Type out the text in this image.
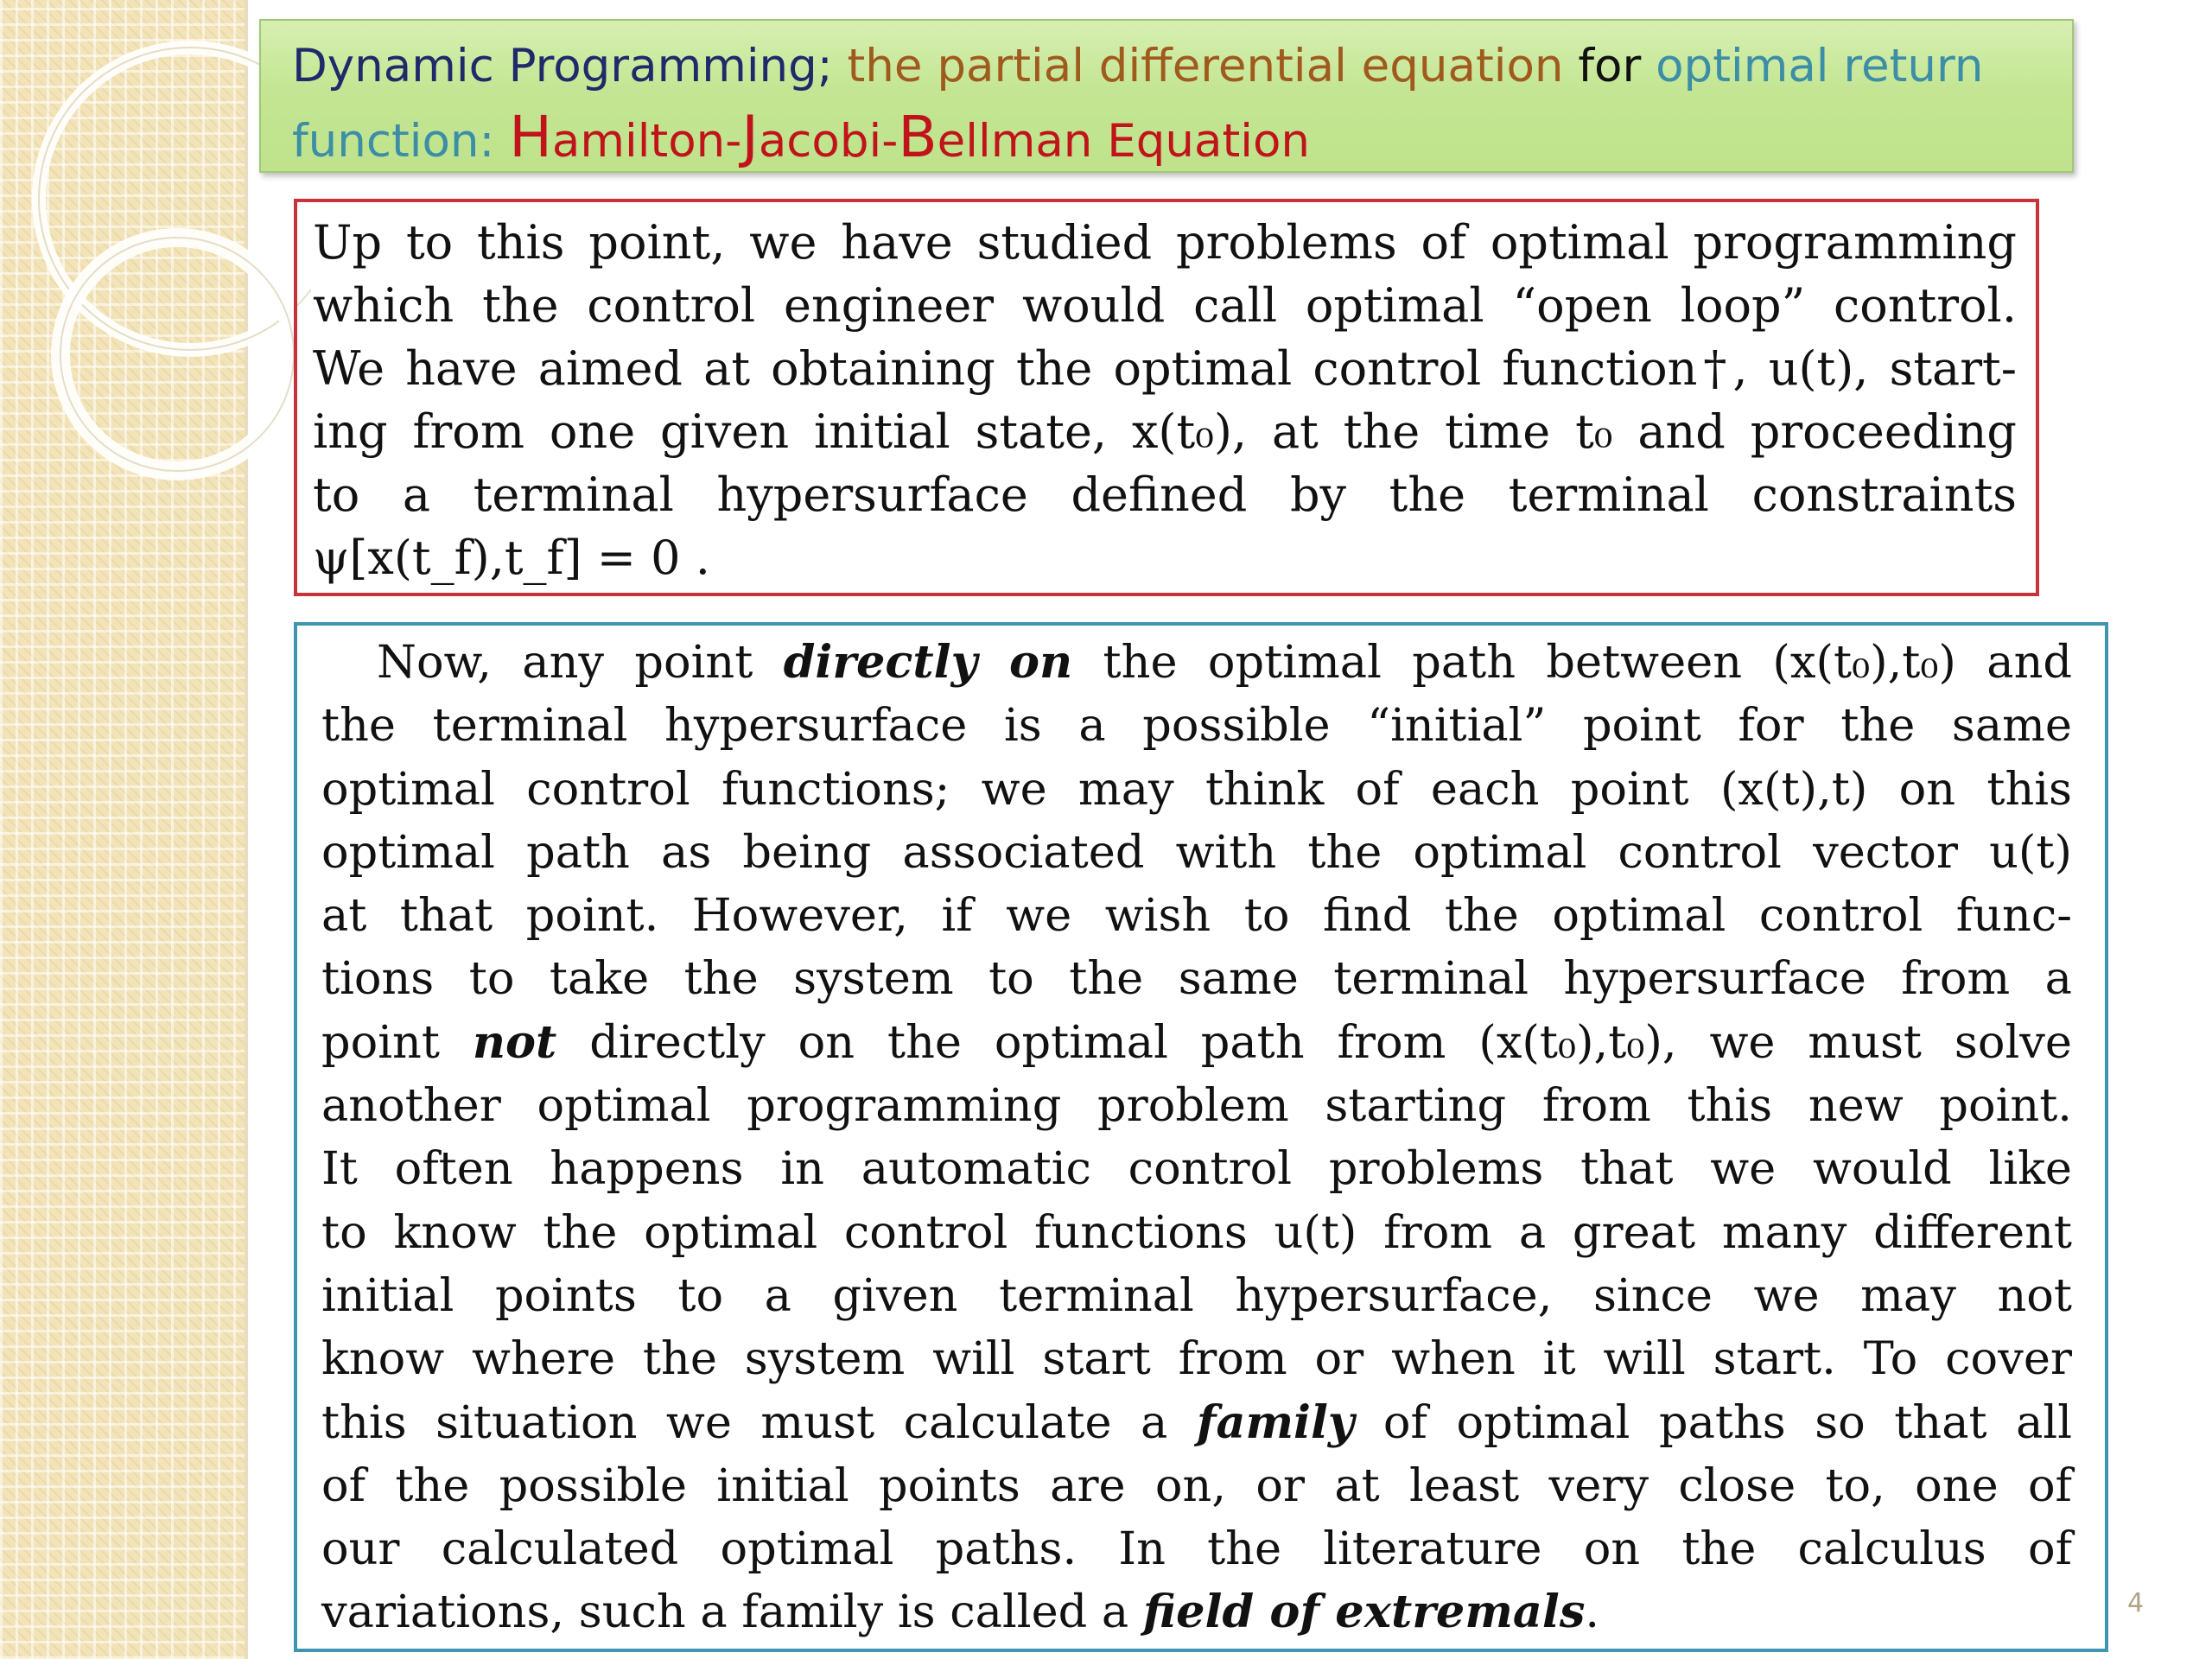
Dynamic Programming; the partial differential equation for optimal return
function: Hamilton-Jacobi-Bellman Equation
Up to this point, we have studied problems of optimal programming
which the control engineer would call optimal “open loop” control.
We have aimed at obtaining the optimal control function†, u(t), start-
ing from one given initial state, x(t₀), at the time t₀ and proceeding
to a terminal hypersurface defined by the terminal constraints
ψ[x(t_f),t_f] = 0 .
Now, any point directly on the optimal path between (x(t₀),t₀) and
the terminal hypersurface is a possible “initial” point for the same
optimal control functions; we may think of each point (x(t),t) on this
optimal path as being associated with the optimal control vector u(t)
at that point. However, if we wish to find the optimal control func-
tions to take the system to the same terminal hypersurface from a
point not directly on the optimal path from (x(t₀),t₀), we must solve
another optimal programming problem starting from this new point.
It often happens in automatic control problems that we would like
to know the optimal control functions u(t) from a great many different
initial points to a given terminal hypersurface, since we may not
know where the system will start from or when it will start. To cover
this situation we must calculate a family of optimal paths so that all
of the possible initial points are on, or at least very close to, one of
our calculated optimal paths. In the literature on the calculus of
variations, such a family is called a field of extremals.	4
